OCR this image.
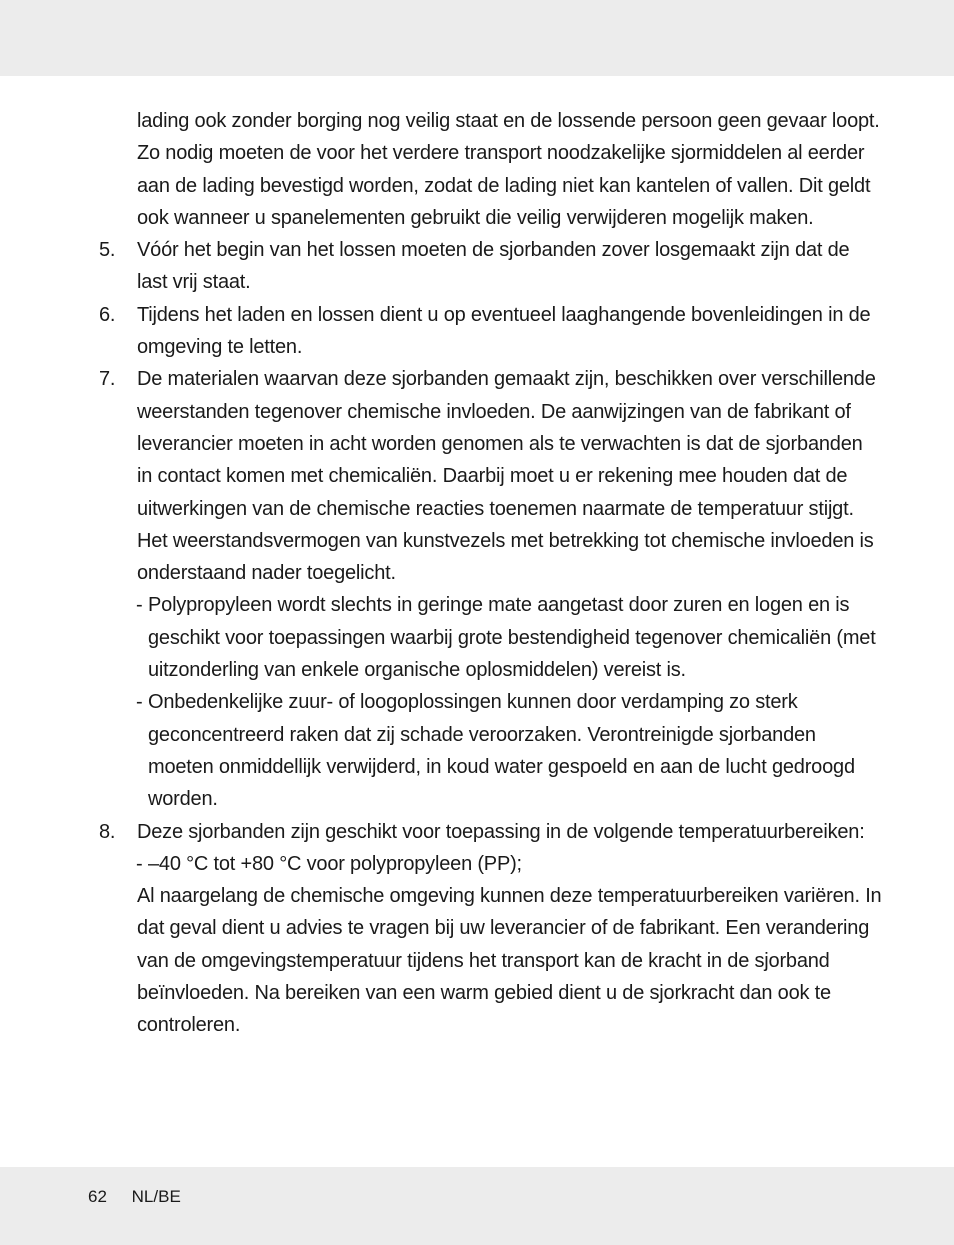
lading ook zonder borging nog veilig staat en de lossende persoon geen gevaar loopt. Zo nodig moeten de voor het verdere transport noodzakelijke sjormiddelen al eerder aan de lading bevestigd worden, zodat de lading niet kan kantelen of vallen. Dit geldt ook wanneer u spanelementen gebruikt die veilig verwijderen mogelijk maken.

5.	Vóór het begin van het lossen moeten de sjorbanden zover losgemaakt zijn dat de last vrij staat.

6.	Tijdens het laden en lossen dient u op eventueel laaghangende bovenleidingen in de omgeving te letten.

7.	De materialen waarvan deze sjorbanden gemaakt zijn, beschikken over verschillende weerstanden tegenover chemische invloeden. De aanwijzingen van de fabrikant of leverancier moeten in acht worden genomen als te verwachten is dat de sjorbanden in contact komen met chemicaliën. Daarbij moet u er rekening mee houden dat de uitwerkingen van de chemische reacties toenemen naarmate de temperatuur stijgt. Het weerstandsvermogen van kunstvezels met betrekking tot chemische invloeden is onderstaand nader toegelicht.

- Polypropyleen wordt slechts in geringe mate aangetast door zuren en logen en is geschikt voor toepassingen waarbij grote bestendigheid tegenover chemicaliën (met uitzonderling van enkele organische oplosmiddelen) vereist is.
- Onbedenkelijke zuur- of loogoplossingen kunnen door verdamping zo sterk geconcentreerd raken dat zij schade veroorzaken. Verontreinigde sjorbanden moeten onmiddellijk verwijderd, in koud water gespoeld en aan de lucht gedroogd worden.
8.	Deze sjorbanden zijn geschikt voor toepassing in de volgende temperatuurbereiken:

- –40 °C tot +80 °C voor polypropyleen (PP);

Al naargelang de chemische omgeving kunnen deze temperatuurbereiken variëren. In dat geval dient u advies te vragen bij uw leverancier of de fabrikant. Een verandering van de omgevingstemperatuur tijdens het transport kan de kracht in de sjorband beïnvloeden. Na bereiken van een warm gebied dient u de sjorkracht dan ook te controleren.

62 NL/BE
